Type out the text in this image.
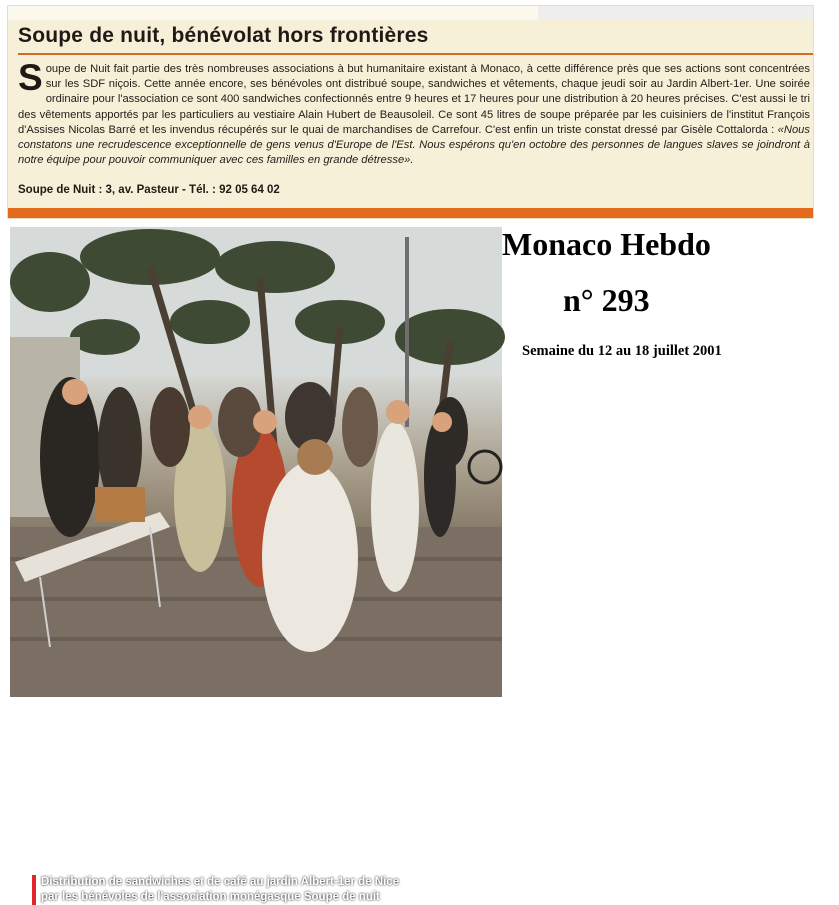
Soupe de nuit, bénévolat hors frontières

Soupe de Nuit fait partie des très nombreuses associations à but humanitaire existant à Monaco, à cette différence près que ses actions sont concentrées sur les SDF niçois. Cette année encore, ses bénévoles ont distribué soupe, sandwiches et vêtements, chaque jeudi soir au Jardin Albert-1er. Une soirée ordinaire pour l'association ce sont 400 sandwiches confectionnés entre 9 heures et 17 heures pour une distribution à 20 heures précises. C'est aussi le tri des vêtements apportés par les particuliers au vestiaire Alain Hubert de Beausoleil. Ce sont 45 litres de soupe préparée par les cuisiniers de l'institut François d'Assises Nicolas Barré et les invendus récupérés sur le quai de marchandises de Carrefour. C'est enfin un triste constat dressé par Gisèle Cottalorda : «Nous constatons une recrudescence exceptionnelle de gens venus d'Europe de l'Est. Nous espérons qu'en octobre des personnes de langues slaves se joindront à notre équipe pour pouvoir communiquer avec ces familles en grande détresse».

Soupe de Nuit : 3, av. Pasteur - Tél. : 92 05 64 02
Distribution de sandwiches et de café au jardin Albert-1er de Nice par les bénévoles de l'association monégasque Soupe de nuit
Monaco Hebdo
n° 293
Semaine du 12 au 18 juillet 2001
